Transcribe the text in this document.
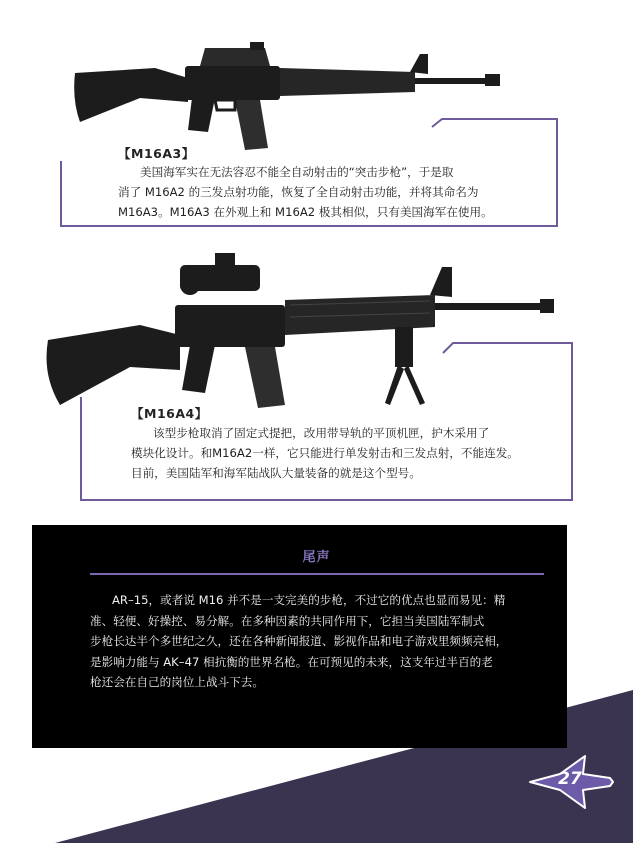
【M16A3】
美国海军实在无法容忍不能全自动射击的“突击步枪”，于是取
消了 M16A2 的三发点射功能，恢复了全自动射击功能，并将其命名为
M16A3。M16A3 在外观上和 M16A2 极其相似，只有美国海军在使用。
【M16A4】
该型步枪取消了固定式提把，改用带导轨的平顶机匣，护木采用了
模块化设计。和M16A2一样，它只能进行单发射击和三发点射，不能连发。
目前，美国陆军和海军陆战队大量装备的就是这个型号。
尾声
AR–15，或者说 M16 并不是一支完美的步枪，不过它的优点也显而易见：精
准、轻便、好操控、易分解。在多种因素的共同作用下，它担当美国陆军制式
步枪长达半个多世纪之久，还在各种新闻报道、影视作品和电子游戏里频频亮相，
是影响力能与 AK–47 相抗衡的世界名枪。在可预见的未来，这支年过半百的老
枪还会在自己的岗位上战斗下去。
27
